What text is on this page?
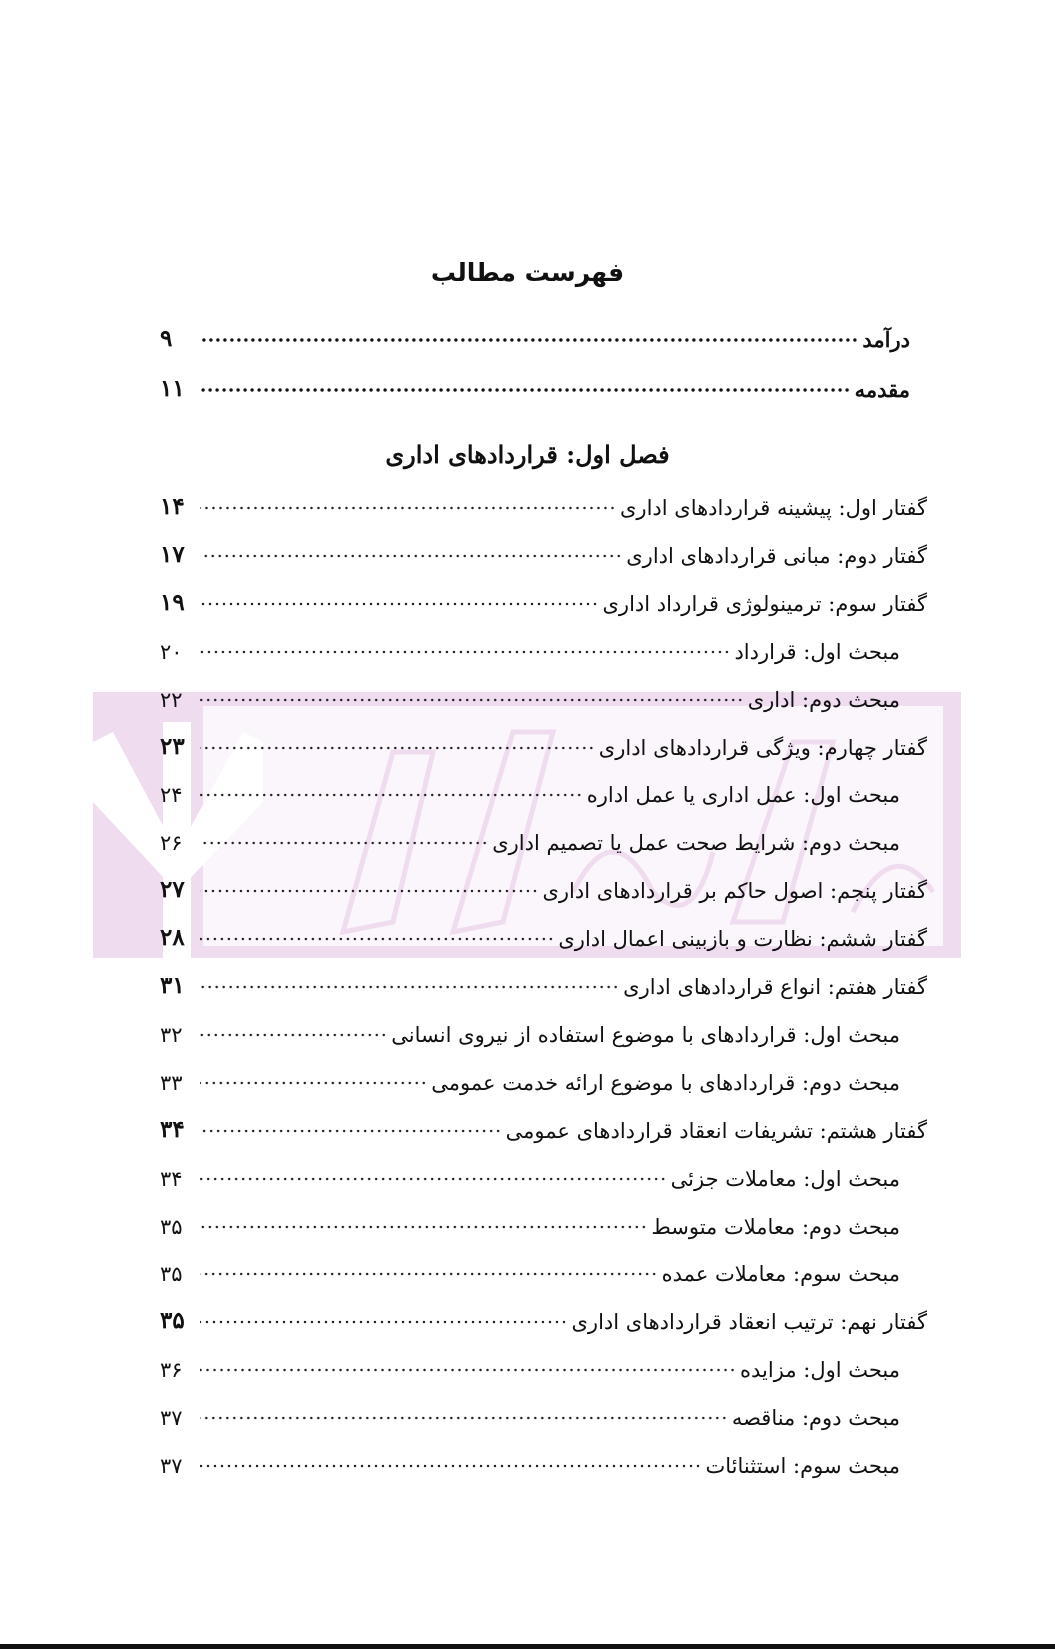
فهرست مطالب
فصل اول: قراردادهای اداری
درآمد
۹
مقدمه
۱۱
گفتار اول: پیشینه قراردادهای اداری
۱۴
گفتار دوم: مبانی قراردادهای اداری
۱۷
گفتار سوم: ترمینولوژی قرارداد اداری
۱۹
مبحث اول: قرارداد
۲۰
مبحث دوم: اداری
۲۲
گفتار چهارم: ویژگی قراردادهای اداری
۲۳
مبحث اول: عمل اداری یا عمل اداره
۲۴
مبحث دوم: شرایط صحت عمل یا تصمیم اداری
۲۶
گفتار پنجم: اصول حاکم بر قراردادهای اداری
۲۷
گفتار ششم: نظارت و بازبینی اعمال اداری
۲۸
گفتار هفتم: انواع قراردادهای اداری
۳۱
مبحث اول: قراردادهای با موضوع استفاده از نیروی انسانی
۳۲
مبحث دوم: قراردادهای با موضوع ارائه خدمت عمومی
۳۳
گفتار هشتم: تشریفات انعقاد قراردادهای عمومی
۳۴
مبحث اول: معاملات جزئی
۳۴
مبحث دوم: معاملات متوسط
۳۵
مبحث سوم: معاملات عمده
۳۵
گفتار نهم: ترتیب انعقاد قراردادهای اداری
۳۵
مبحث اول: مزایده
۳۶
مبحث دوم: مناقصه
۳۷
مبحث سوم: استثنائات
۳۷
